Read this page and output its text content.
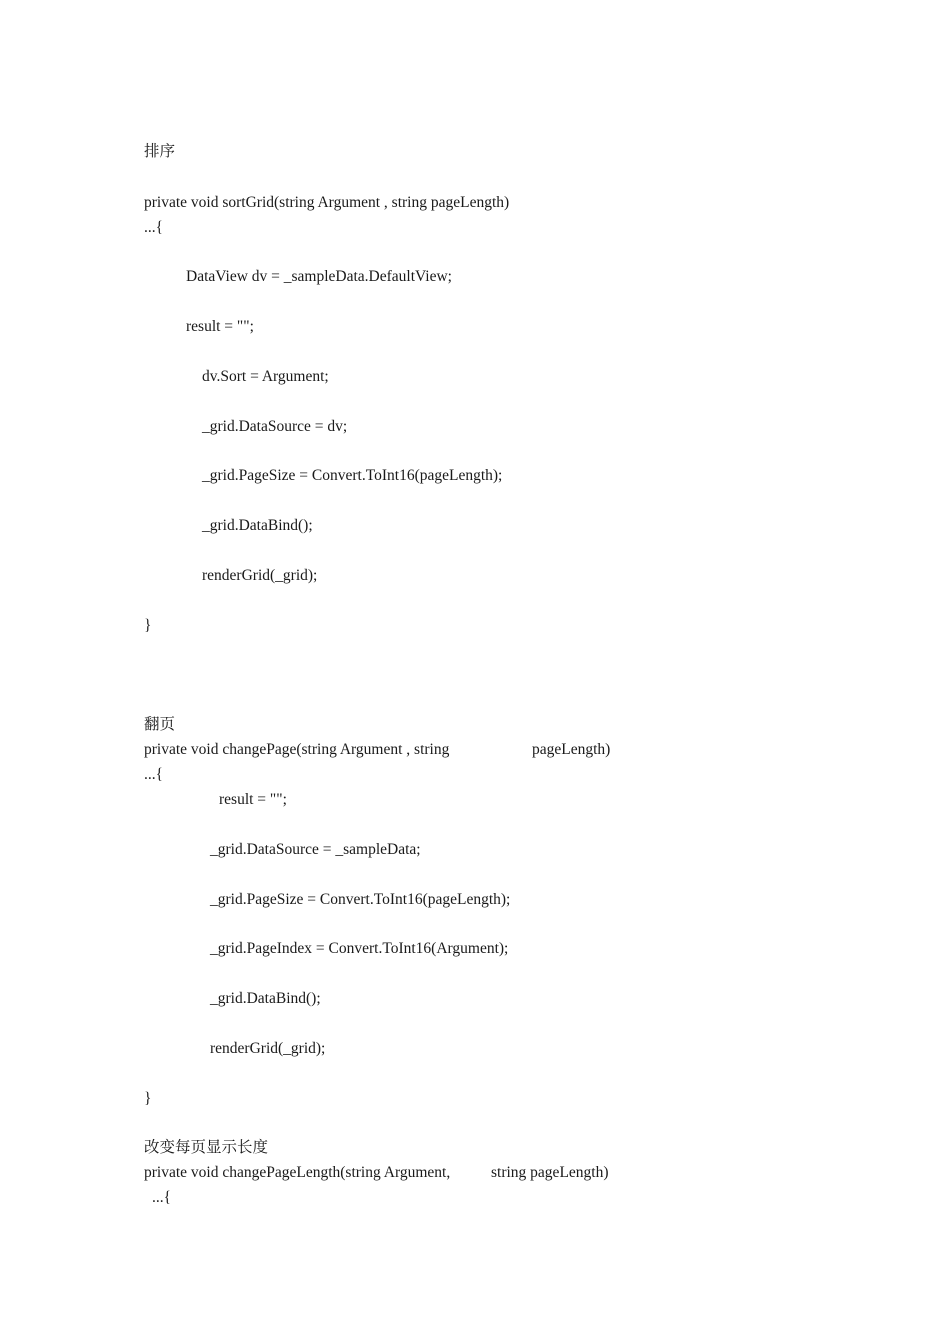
排序
private void sortGrid(string Argument , string pageLength)
...{
DataView dv = _sampleData.DefaultView;
result = "";
dv.Sort = Argument;
_grid.DataSource = dv;
_grid.PageSize = Convert.ToInt16(pageLength);
_grid.DataBind();
renderGrid(_grid);
}
翻页
private void changePage(string Argument , string	pageLength)
...{
result = "";
_grid.DataSource = _sampleData;
_grid.PageSize = Convert.ToInt16(pageLength);
_grid.PageIndex = Convert.ToInt16(Argument);
_grid.DataBind();
renderGrid(_grid);
}
改变每页显示长度
private void changePageLength(string Argument,	string pageLength)
...{
